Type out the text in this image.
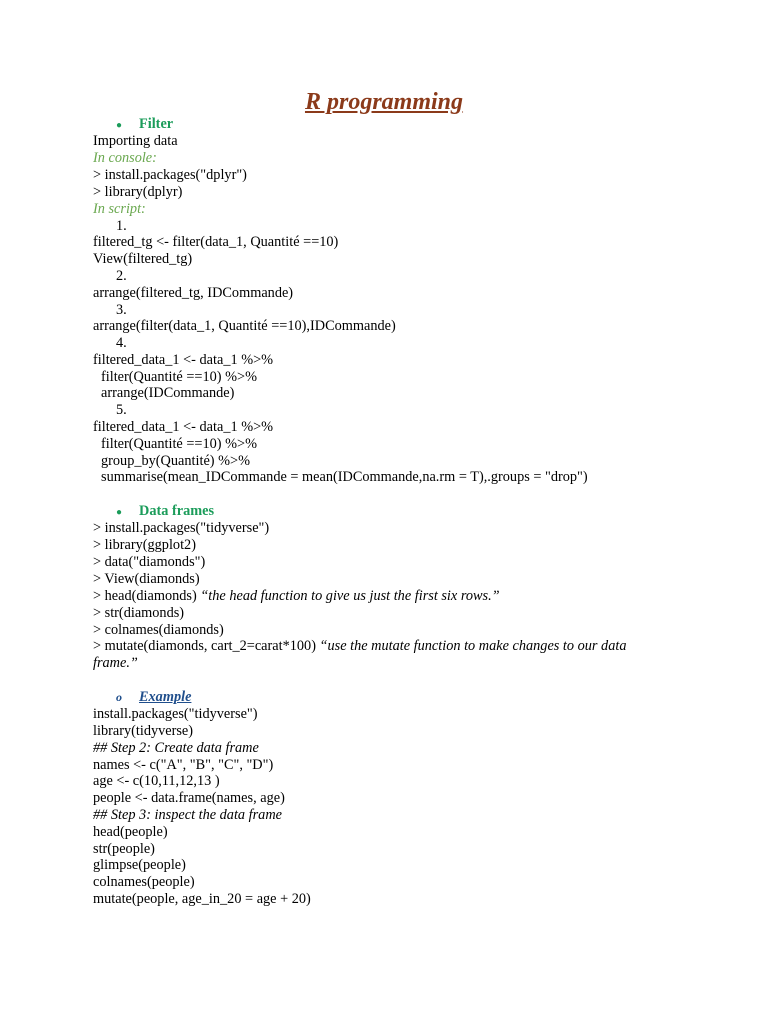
R programming
● Filter

Importing data

In console:

> install.packages("dplyr")

> library(dplyr)

In script:

1.

filtered_tg <- filter(data_1, Quantité ==10)

View(filtered_tg)

2.

arrange(filtered_tg, IDCommande)

3.

arrange(filter(data_1, Quantité ==10),IDCommande)

4.

filtered_data_1 <- data_1 %>%

filter(Quantité ==10) %>%

arrange(IDCommande)

5.

filtered_data_1 <- data_1 %>%

filter(Quantité ==10) %>%

group_by(Quantité) %>%

summarise(mean_IDCommande = mean(IDCommande,na.rm = T),.groups = "drop")

● Data frames

> install.packages("tidyverse")

> library(ggplot2)

> data("diamonds")

> View(diamonds)

> head(diamonds) “the head function to give us just the first six rows.”

> str(diamonds)

> colnames(diamonds)

> mutate(diamonds, cart_2=carat*100) “use the mutate function to make changes to our data

frame.”

o Example

install.packages("tidyverse")

library(tidyverse)

## Step 2: Create data frame

names <- c("A", "B", "C", "D")

age <- c(10,11,12,13 )

people <- data.frame(names, age)

## Step 3: inspect the data frame

head(people)

str(people)

glimpse(people)

colnames(people)

mutate(people, age_in_20 = age + 20)
